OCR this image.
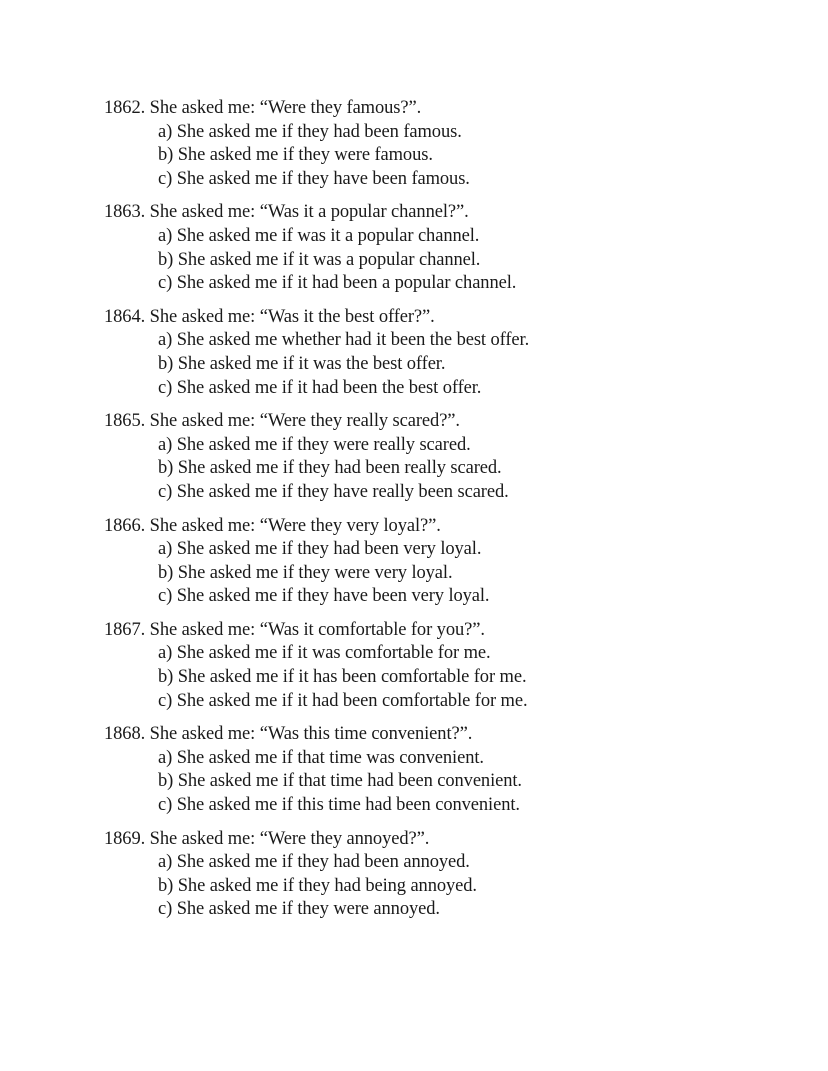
1862. She asked me: “Were they famous?”.
a) She asked me if they had been famous.
b) She asked me if they were famous.
c) She asked me if they have been famous.
1863. She asked me: “Was it a popular channel?”.
a) She asked me if was it a popular channel.
b) She asked me if it was a popular channel.
c) She asked me if it had been a popular channel.
1864. She asked me: “Was it the best offer?”.
a) She asked me whether had it been the best offer.
b) She asked me if it was the best offer.
c) She asked me if it had been the best offer.
1865. She asked me: “Were they really scared?”.
a) She asked me if they were really scared.
b) She asked me if they had been really scared.
c) She asked me if they have really been scared.
1866. She asked me: “Were they very loyal?”.
a) She asked me if they had been very loyal.
b) She asked me if they were very loyal.
c) She asked me if they have been very loyal.
1867. She asked me: “Was it comfortable for you?”.
a) She asked me if it was comfortable for me.
b) She asked me if it has been comfortable for me.
c) She asked me if it had been comfortable for me.
1868. She asked me: “Was this time convenient?”.
a) She asked me if that time was convenient.
b) She asked me if that time had been convenient.
c) She asked me if this time had been convenient.
1869. She asked me: “Were they annoyed?”.
a) She asked me if they had been annoyed.
b) She asked me if they had being annoyed.
c) She asked me if they were annoyed.
